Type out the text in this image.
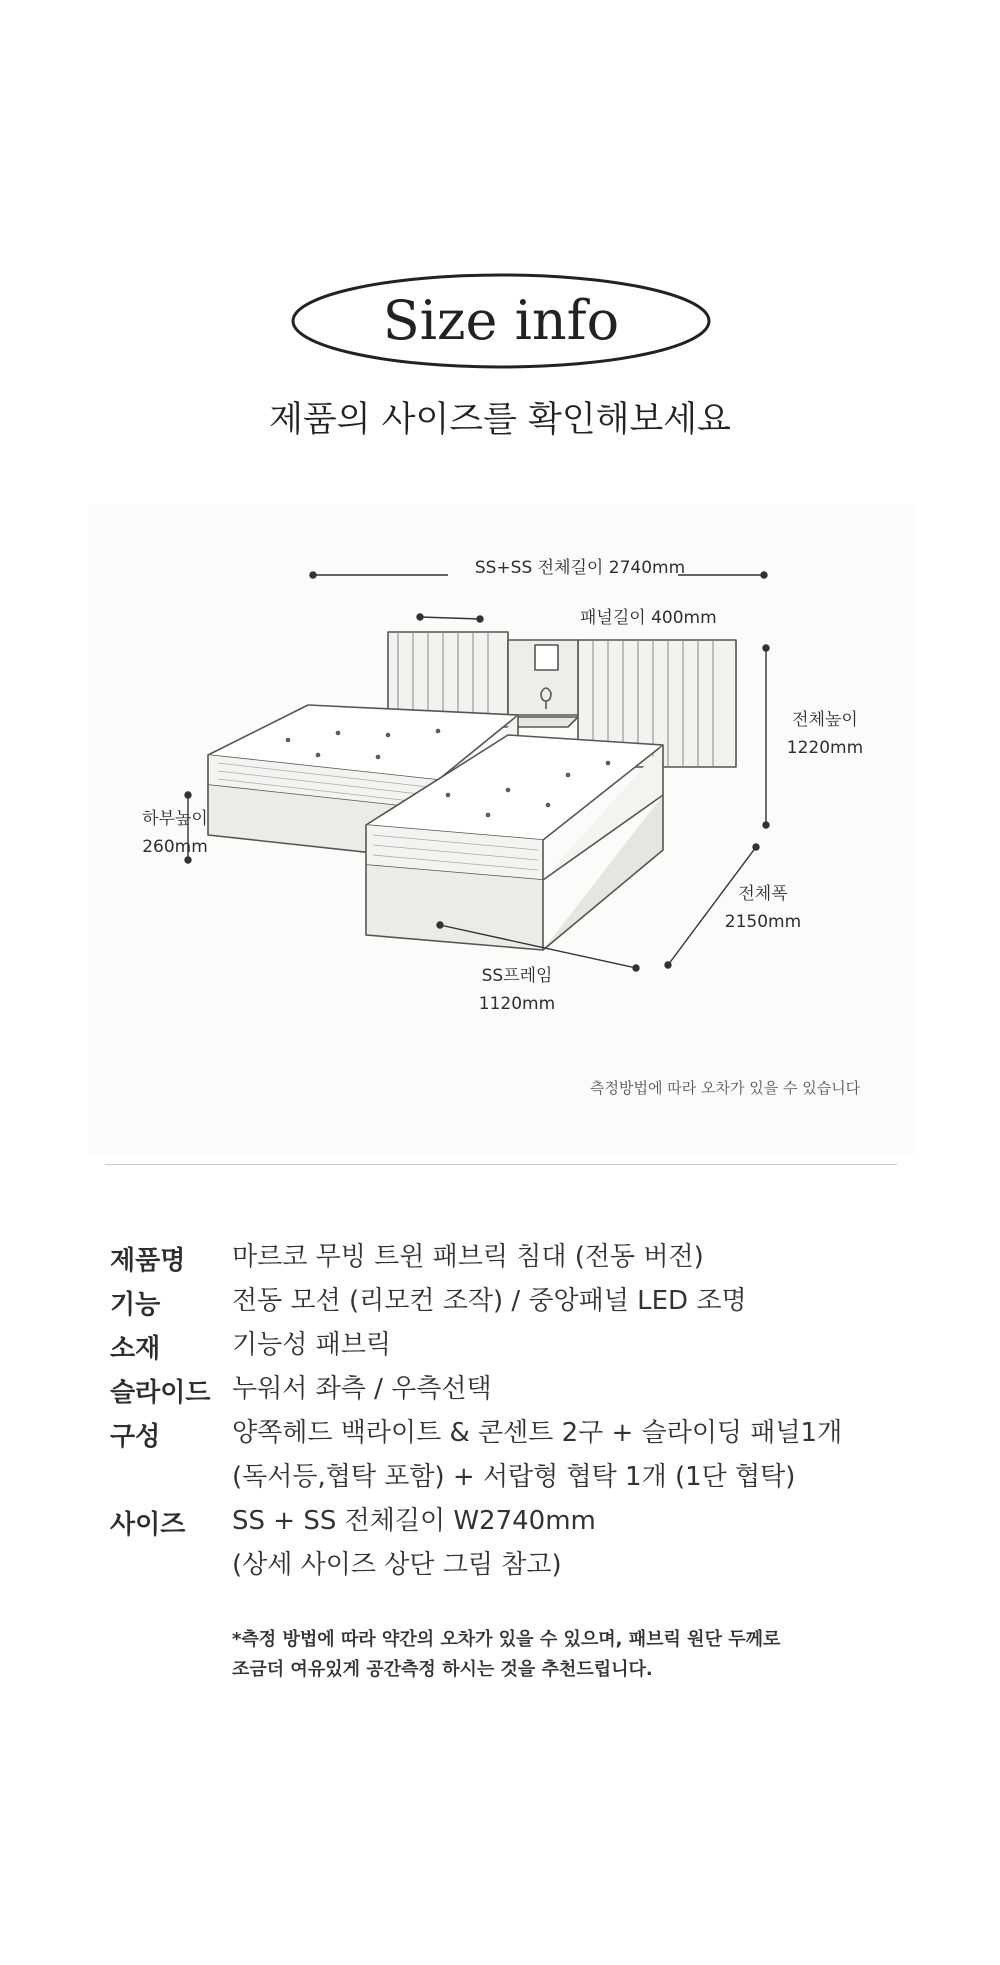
Size info
제품의 사이즈를 확인해보세요
SS+SS 전체길이 2740mm
패널길이 400mm
전체높이
1220mm
하부높이
260mm
전체폭
2150mm
SS프레임
1120mm
측정방법에 따라 오차가 있을 수 있습니다
제품명 마르코 무빙 트윈 패브릭 침대 (전동 버전)
기능	전동 모션 (리모컨 조작) / 중앙패널 LED 조명
소재	기능성 패브릭
슬라이드 누워서 좌측 / 우측선택
구성	양쪽헤드 백라이트 & 콘센트 2구 + 슬라이딩 패널1개
(독서등,협탁 포함) + 서랍형 협탁 1개 (1단 협탁)
사이즈 SS + SS 전체길이 W2740mm
(상세 사이즈 상단 그림 참고)
*측정 방법에 따라 약간의 오차가 있을 수 있으며, 패브릭 원단 두께로
조금더 여유있게 공간측정 하시는 것을 추천드립니다.
